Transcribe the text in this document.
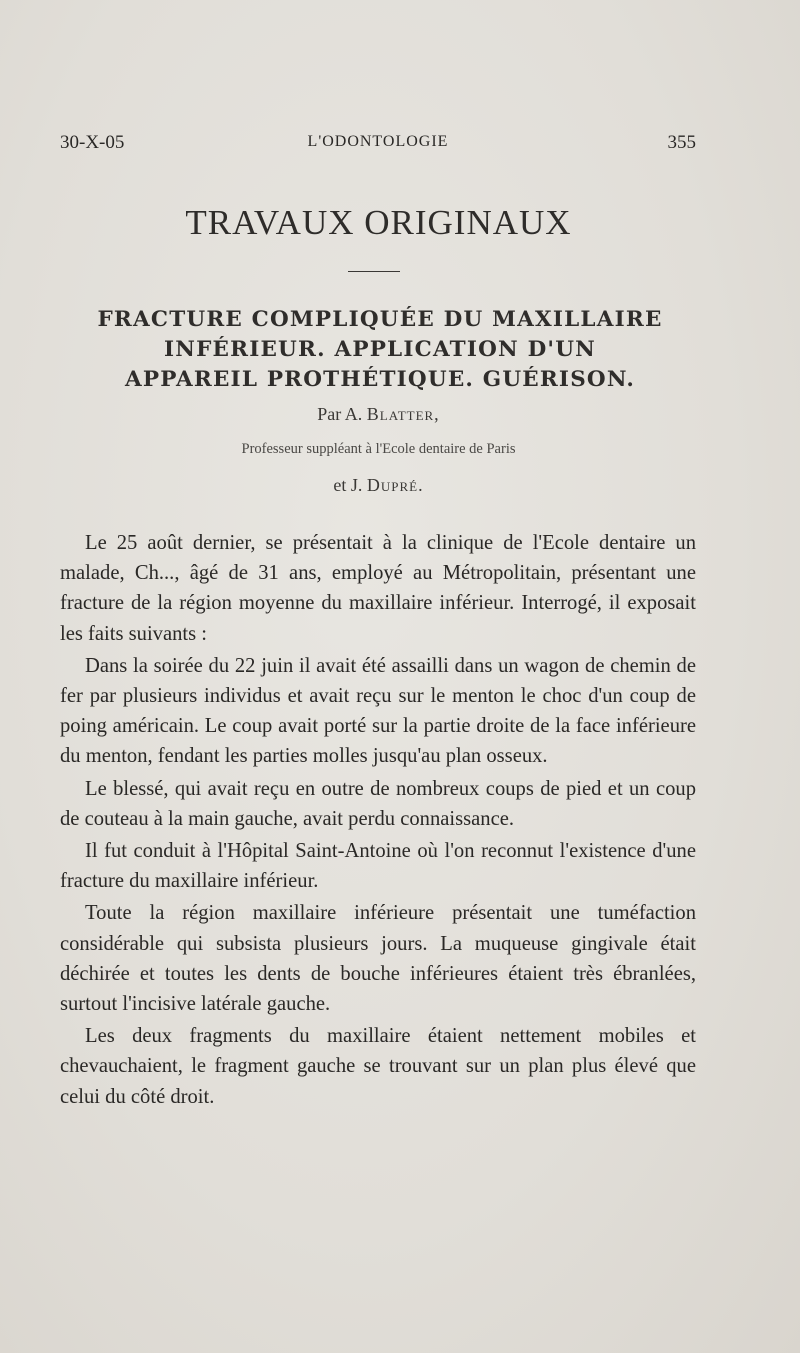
30-X-05	L'ODONTOLOGIE	355
TRAVAUX ORIGINAUX
FRACTURE COMPLIQUÉE DU MAXILLAIRE
INFÉRIEUR. APPLICATION D'UN
APPAREIL PROTHÉTIQUE. GUÉRISON.
Par A. Blatter,
Professeur suppléant à l'Ecole dentaire de Paris
et J. Dupré.

Le 25 août dernier, se présentait à la clinique de l'Ecole dentaire un malade, Ch..., âgé de 31 ans, employé au Métropolitain, présentant une fracture de la région moyenne du maxillaire inférieur. Interrogé, il exposait les faits suivants :

Dans la soirée du 22 juin il avait été assailli dans un wagon de chemin de fer par plusieurs individus et avait reçu sur le menton le choc d'un coup de poing américain. Le coup avait porté sur la partie droite de la face inférieure du menton, fendant les parties molles jusqu'au plan osseux.

Le blessé, qui avait reçu en outre de nombreux coups de pied et un coup de couteau à la main gauche, avait perdu connaissance.

Il fut conduit à l'Hôpital Saint-Antoine où l'on reconnut l'existence d'une fracture du maxillaire inférieur.

Toute la région maxillaire inférieure présentait une tuméfaction considérable qui subsista plusieurs jours. La muqueuse gingivale était déchirée et toutes les dents de bouche inférieures étaient très ébranlées, surtout l'incisive latérale gauche.

Les deux fragments du maxillaire étaient nettement mobiles et chevauchaient, le fragment gauche se trouvant sur un plan plus élevé que celui du côté droit.
